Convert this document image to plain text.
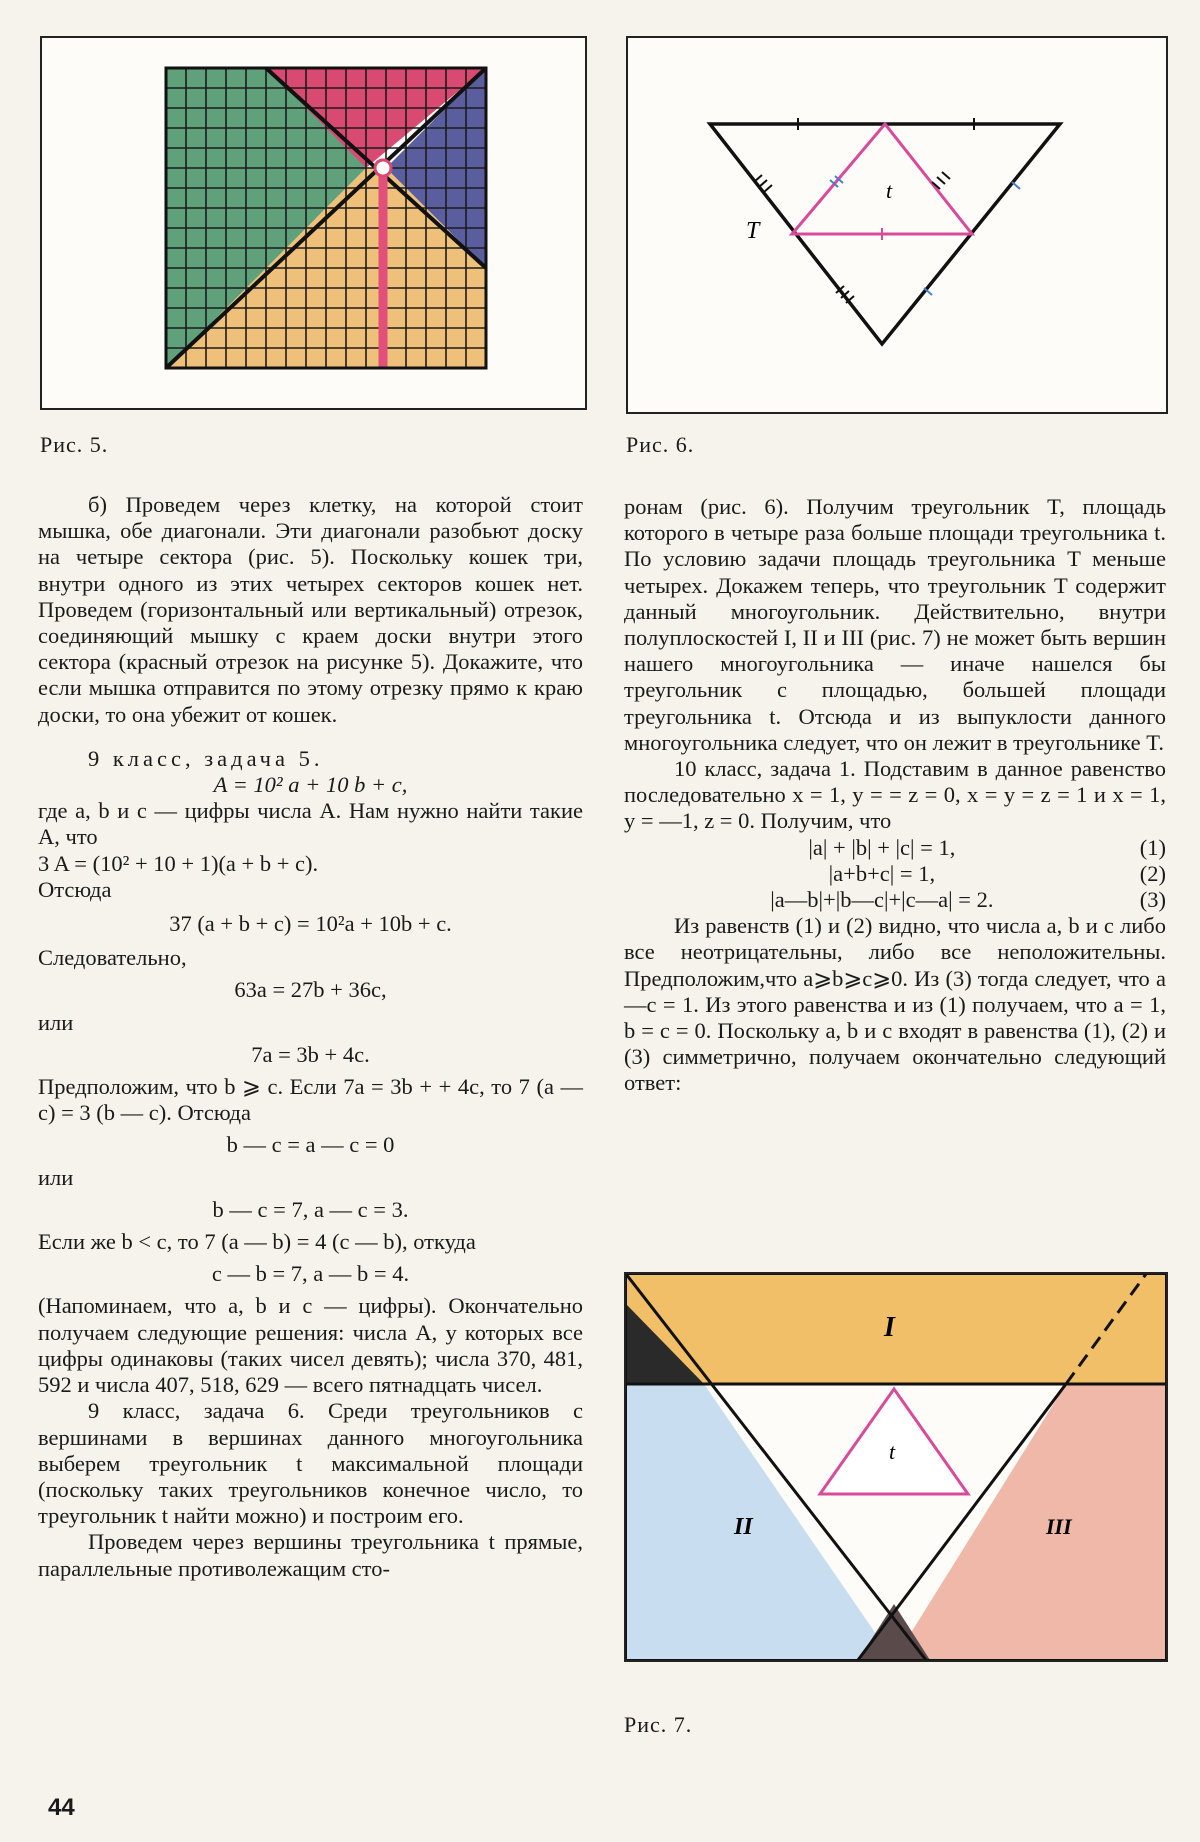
Рис. 5.
T
t
Рис. 6.
I
II	III
t
Рис. 7.

б) Проведем через клетку, на которой стоит мышка, обе диагонали. Эти диагонали разобьют доску на четыре сектора (рис. 5). Поскольку кошек три, внутри одного из этих четырех секторов кошек нет. Проведем (горизонтальный или вертикальный) отрезок, соединяющий мышку с краем доски внутри этого сектора (красный отрезок на рисунке 5). Докажите, что если мышка отправится по этому отрезку прямо к краю доски, то она убежит от кошек.

9 класс, задача 5.

A = 10² a + 10 b + c,

где a, b и c — цифры числа A. Нам нужно найти такие A, что

3 A = (10² + 10 + 1)(a + b + c).

Отсюда

37 (a + b + c) = 10²a + 10b + c.

Следовательно,

63a = 27b + 36c,

или

7a = 3b + 4c.

Предположим, что b ⩾ c. Если 7a = 3b + + 4c, то 7 (a — c) = 3 (b — c). Отсюда

b — c = a — c = 0

или

b — c = 7, a — c = 3.

Если же b < c, то 7 (a — b) = 4 (c — b), откуда

c — b = 7, a — b = 4.

(Напоминаем, что a, b и c — цифры). Окончательно получаем следующие решения: числа A, у которых все цифры одинаковы (таких чисел девять); числа 370, 481, 592 и числа 407, 518, 629 — всего пятнадцать чисел.

9 класс, задача 6. Среди треугольников с вершинами в вершинах данного многоугольника выберем треугольник t максимальной площади (поскольку таких треугольников конечное число, то треугольник t найти можно) и построим его.

Проведем через вершины треугольника t прямые, параллельные противолежащим сто-

ронам (рис. 6). Получим треугольник T, площадь которого в четыре раза больше площади треугольника t. По условию задачи площадь треугольника T меньше четырех. Докажем теперь, что треугольник T содержит данный многоугольник. Действительно, внутри полуплоскостей I, II и III (рис. 7) не может быть вершин нашего многоугольника — иначе нашелся бы треугольник с площадью, большей площади треугольника t. Отсюда и из выпуклости данного многоугольника следует, что он лежит в треугольнике T.

10 класс, задача 1. Подставим в данное равенство последовательно x = 1, y = = z = 0, x = y = z = 1 и x = 1, y = —1, z = 0. Получим, что

|a| + |b| + |c| = 1,	(1)
|a+b+c| = 1,	(2)
|a—b|+|b—c|+|c—a| = 2.	(3)

Из равенств (1) и (2) видно, что числа a, b и c либо все неотрицательны, либо все неположительны. Предположим,что a⩾b⩾c⩾0. Из (3) тогда следует, что a—c = 1. Из этого равенства и из (1) получаем, что a = 1, b = c = 0. Поскольку a, b и c входят в равенства (1), (2) и (3) симметрично, получаем окончательно следующий ответ:

44
